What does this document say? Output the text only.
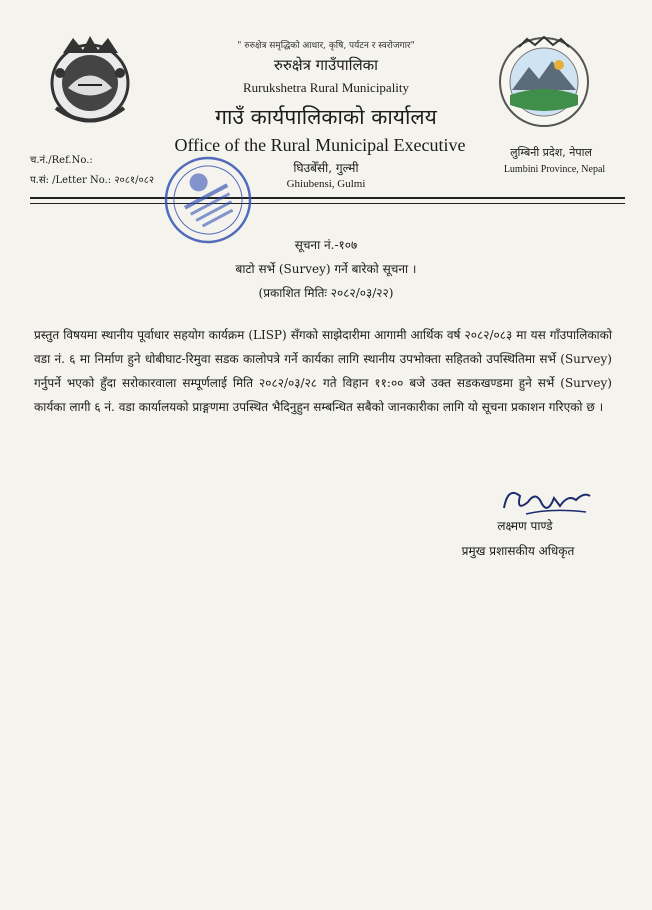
" रुरुक्षेत्र समृद्धिको आधार, कृषि, पर्यटन र स्वरोजगार"
रुरुक्षेत्र गाउँपालिका
Rurukshetra Rural Municipality
गाउँ कार्यपालिकाको कार्यालय
Office of the Rural Municipal Executive
घिउबेँसी, गुल्मी
Ghiubensi, Gulmi
च.नं./Ref.No.:
प.सं: /Letter No.: २०८१/०८२
लुम्बिनी प्रदेश, नेपाल
Lumbini Province, Nepal
सूचना नं.-१०७
बाटो सर्भे (Survey) गर्ने बारेको सूचना ।
(प्रकाशित मितिः २०८२/०३/२२)
प्रस्तुत विषयमा स्थानीय पूर्वाधार सहयोग कार्यक्रम (LISP) सँगको साझेदारीमा आगामी आर्थिक वर्ष २०८२/०८३ मा यस गाँउपालिकाको वडा नं. ६ मा निर्माण हुने धोबीघाट-रिमुवा सडक कालोपत्रे गर्ने कार्यका लागि स्थानीय उपभोक्ता सहितको उपस्थितिमा सर्भे (Survey) गर्नुपर्ने भएको हुँदा सरोकारवाला सम्पूर्णलाई मिति २०८२/०३/२८ गते विहान ११:०० बजे उक्त सडकखण्डमा हुने सर्भे (Survey) कार्यका लागी ६ नं. वडा कार्यालयको प्राङ्गणमा उपस्थित भैदिनुहुन सम्बन्धित सबैको जानकारीका लागि यो सूचना प्रकाशन गरिएको छ ।
लक्ष्मण पाण्डे
प्रमुख प्रशासकीय अधिकृत
